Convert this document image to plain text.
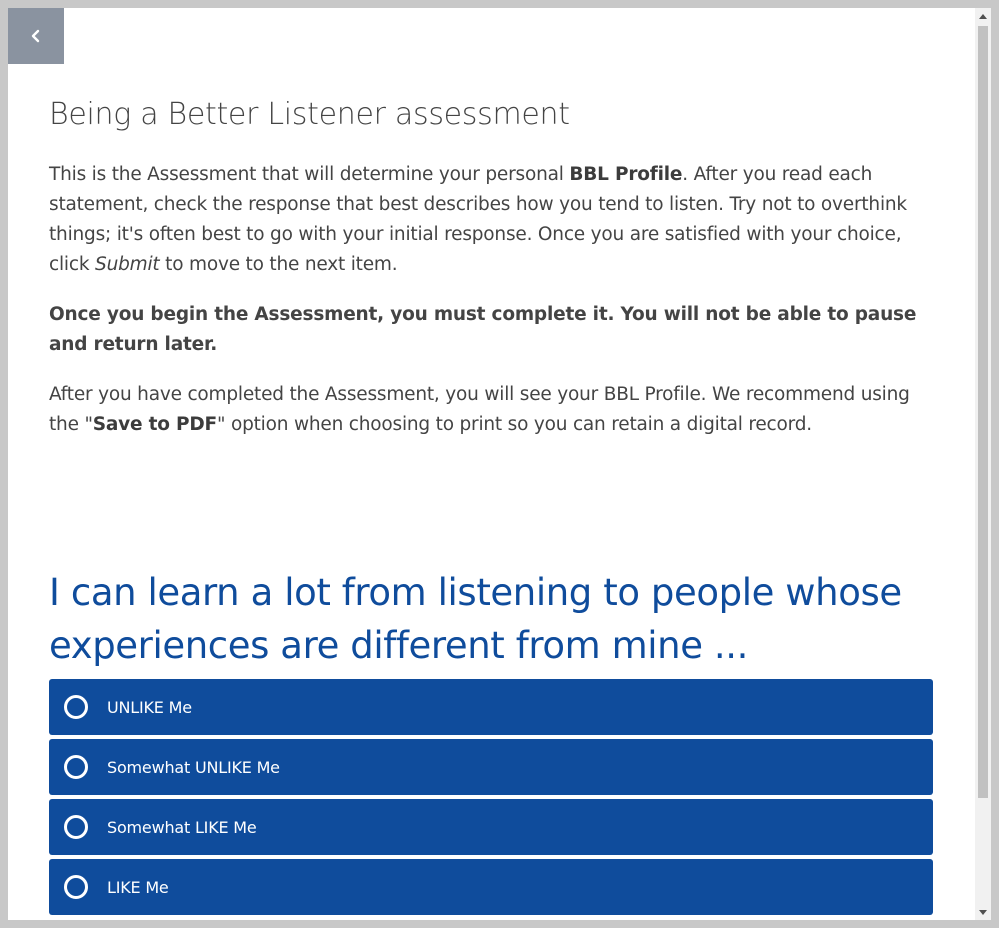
Being a Better Listener assessment

This is the Assessment that will determine your personal BBL Profile. After you read each statement, check the response that best describes how you tend to listen. Try not to overthink things; it's often best to go with your initial response. Once you are satisfied with your choice, click Submit to move to the next item.

Once you begin the Assessment, you must complete it. You will not be able to pause and return later.

After you have completed the Assessment, you will see your BBL Profile. We recommend using the "Save to PDF" option when choosing to print so you can retain a digital record.

I can learn a lot from listening to people whose experiences are different from mine ...
UNLIKE Me
Somewhat UNLIKE Me
Somewhat LIKE Me
LIKE Me
